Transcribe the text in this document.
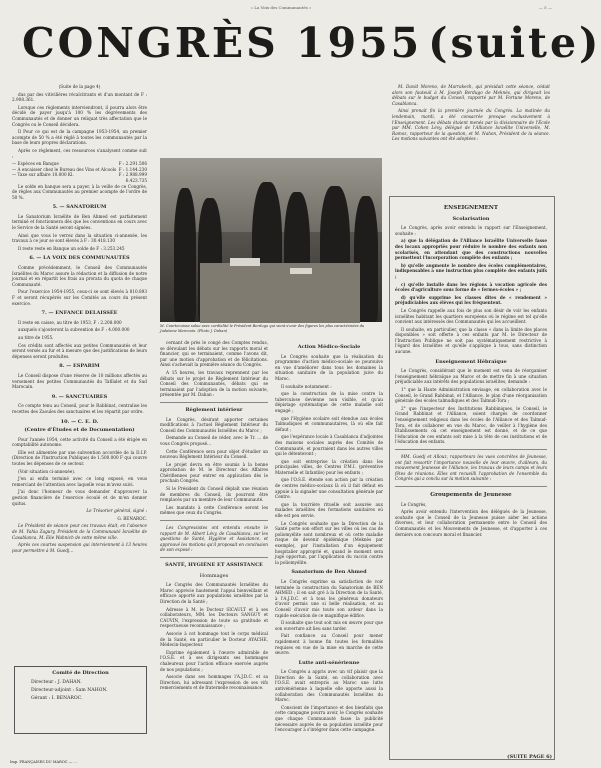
« La Voix des Communautés »	— 5 —
CONGRÈS 1955 (suite)

(Suite de la page 4)

dus par des vitivilières récalcitrants et d'un montant de F : 2.908.361.

Lorsque ces règlements interviendront, il pourra alors être décidé de payer jusqu'à 100 % les dégrèvements des Communautés et de donner un reliquat très affectation que le Congrès ou le Conseil décidera.

Il Pour ce qui est de la campagne 1953-1954, un premier acompte de 50 % a été réglé à toutes les communautés par la base de leurs propres déclarations.

Après ce règlement, ces ressources s'analysent comme suit :

— Espèces en Banque	F : 2.291.506
— A encaisser chez le Bureau des Vins et Alcools F : 1.144.230
— Taxe sur affaire 10.000 Kl.	F : 2.988.999
6.423.735

Le solde en banque sera a payer, à la veille de ce Congrès, de règles aux Communautés au premier acompte de l'ordre de 50 %.

5. — SANATORIUM

Le Sanatorium Israélite de Ben Ahmed est parfaitement terminé et fonctionnera dès que les conventions en cours avec le Service de la Santé seront signées.

Ainsi que vous le verrez dans la situation ci-annexée, les travaux à ce jour se sont élevés à F : 30.418.130

Il reste reste en Banque un solde de F : 3.253.245

6. — LA VOIX DES COMMUNAUTÉS

Comme précédemment, le Conseil des Communautés Israélites du Maroc assure la rédaction et la diffusion de notre journal et en répartit les frais au prorata du quota de chaque Communauté.

Pour l'exercice 1954-1955, ceux-ci se sont élevés à 810.893 F et seront récupérés sur les Comités au cours du présent exercice.

7. — ENFANCE DELAISSÉE

Il reste en caisse, au titre de 1953, F : 2.208.000

auxquels s'ajouteront la subvention de F : 4.000.000

au titre de 1955.

Ces crédits sont affectés aux petites Communautés et leur seront versés au fur et à mesure que des justifications de leurs dépenses seront produites.

8. — ESPARIM

Le Conseil dispose d'une réserve de 10 millions affectés au versement des petites Communautés du Tafilalet et du Sud Marocain.

9. — SANCTUAIRES

Ce compte tenu au Conseil, pour le Rabbinat, centralise les recettes des Zaouïes des sanctuaires et les répartit par ordre.

10. — C. E. D.
(Centre d'Études et de Documentation)

Pour l'année 1954, cette activité du Conseil a été érigée en comptabilité autonome.

Elle est alimentée par une subvention accordée de la D.I.P. (Direction de l'Instruction Publique) de 1.500.000 F qui couvre toutes les dépenses de ce secteur.

(Voir situation ci-annexée).

J'en ai enfin terminé avec ce long exposé, en vous remerciant de l'attention avec laquelle vous m'avez suivi.

J'ai donc l'honneur de vous demander d'approuver la gestion financière de l'exercice écoulé et de m'en donner quitus.

Le Trésorier général, signé :

G. BENAROC.

Le Président de séance pour ces travaux était, en l'absence de M. Yahia Zagury, Président de la Communauté Israélite de Casablanca, M. Elie Wahnich de cette même ville.

Après ces courtes suspension qui interviennent à 13 heures pour permettre à M. Guedj...

Comité de Direction
Directeur : J. DAHAN.
Directeur-adjoint : Sam NAHON.
Gérant : I. BENAROC.
Imp. FRANÇAISES DU MAROC — ...

M. David Moreno, de Marrakech, qui présidait cette séance, cédait alors son fauteuil à M. Joseph Berdugo de Meknès, qui dirigeait les débats sur le budget du Conseil, rapporté par M. Fortune Moreno, de Casablanca.

Ainsi prenait fin la première journée du Congrès. La matinée du lendemain, mardi, a été consacrée presque exclusivement à l'Enseignement. Les débats étaient menés par la divisionnaire de l'École par MM. Cohen Lévy, délégué de l'Alliance Israélite Universelle, M. Ramoz, rapporteur de la question, et M. Nahon, Président de la séance. Les motions suivantes ont été adoptées :

M. Courtecuisse salue avec cordialité le Président Berdugo qui vient s'unir des figures les plus caractérisées du Judaïsme Marocain. (Photo J. Dahan)

cernant de près le congé des Comptes rendus, se déroulant les débats sur les rapports moral et financier, qui se terminaient, comme l'avons dit, par une motion d'approbation et de félicitations. Ainsi s'achevait la première séance du Congrès.

A 15 heures, les travaux reprennent par les débats sur le projet de Règlement Intérieur du Conseil des Communautés, débats qui se terminaient par l'adoption de la motion suivante, présentée par M. Dahan :

Règlement intérieur

Le Congrès, désirant apporter certaines modifications à l'actuel Règlement Intérieur du Conseil des Communautés Israélites du Maroc ;

Demande au Conseil de céder, avec le Tr. ... de vous Congrès proposé...

Cette Conférence sera pour objet d'étudier un nouveau Règlement Intérieur du Conseil.

Le projet devra en être soumis à la bonne approbation de M. le Directeur des Affaires Chérifiennes pour entrer en application dès le prochain Congrès.

Si le Président du Conseil déplaît une réunion de membres du Conseil, ils pourront être remplacés par un membre de leur Communauté.

Les mandats à cette Conférence seront les mêmes que ceux du Congrès.

Les Congressistes ont entendu ensuite le rapport de M. Albert Lévy, de Casablanca, sur les questions de Santé, Hygiène et Assistance, et approuvé les motions qu'il proposait en conclusion de son exposé :

SANTÉ, HYGIÈNE ET ASSISTANCE
Hommages

Le Congrès des Communautés Israélites du Maroc apprécie hautement l'appui bienveillant et efficace apporté aux populations israélites par la Direction de la Santé ;

Adresse à M. le Docteur SICAULT et à ses collaborateurs, MM. les Docteurs SANGUY et CAUVIN, l'expression de toute sa gratitude et respectueuse reconnaissance ;

Associe à cet hommage tout le corps médical de la Santé, en particulier le Docteur AYACHE, Médecin-Inspecteur.

Exprime également à l'œuvre admirable de l'O.S.E. et à ses dirigeants ses hommages chaleureux pour l'action efficace exercée auprès de nos populations ;

Associe dans ses hommages l'A.J.D.C. et sa Direction, lui adressant l'expression de ses vifs remerciements et de fraternelle reconnaissance.

Action Médico-Sociale

Le Congrès souhaite que la réalisation du programme d'action médico-sociale se poursuive en vue d'améliorer dans tous les domaines la situation sanitaire de la population juive du Maroc.

Il souhaite notamment :

que la construction de la mise contre la tuberculose devienne non visible, et qu'au dépistage systématique de cette maladie soit engagé ;

que l'Hygiène scolaire soit étendue aux écoles Talmudiques et communautaires, là où elle fait défaut ;

que l'espérance locale à Casablanca d'adjointes des maisons sociales auprès des Comités de Communauté, et pourraient dans les autres villes qui le détenteront ;

que soit entreprise la création dans les principales villes, de Centres P.M.I. (préventive Maternelle et Infantile) pour les enfants ;

que l'O.S.E. étende son action par la création de centres médico-sociaux là où il fait défaut en appuie à la signaler une consultation générale par Centre.

que la tourrière rituelle soit assurée aux malades israélites des formations sanitaires où elle est peu servie.

Le Congrès souhaite que la Direction de la Santé porte son effort sur les villes où les cas de poliomyélite sont nombreux et où cette maladie risque de devenir épidémique (Meknès par exemple), par l'installation d'un équipement hospitalier approprié et, quand le moment sera jugé opportun, par l'application du vaccin contre la poliomyélite.

Sanatorium de Ben Ahmed

Le Congrès exprime sa satisfaction de voir terminée la construction du Sanatorium de BEN AHMED ; il en sait gré à la Direction de la Santé, à l'A.J.D.C. et à tous les généreux donateurs d'avoir permis une si belle réalisation, et au Conseil d'avoir mis toute son ardeur dans la rapide exécution de ce magnifique édifice.

Il souhaite que tout soit mis en œuvre pour que son ouverture ait lieu sans tarder.

Fait confiance au Conseil pour mener rapidement à bonne fin toutes les formalités requises en vue de la mise en marche de cette œuvre.

Lutte anti-sénérienne

Le Congrès a appris avec un vif plaisir que la Direction de la Santé, en collaboration avec l'O.S.E. avait entrepris au Maroc une lutte antivénérienne à laquelle elle apporte aussi la collaboration des Communautés Israélites du Maroc.

Conscient de l'importance et des bienfaits que cette campagne pourra avoir, le Congrès souhaite que chaque Communauté fasse la publicité nécessaire auprès de sa population israélite pour l'encourager à s'intégrer dans cette campagne.

ENSEIGNEMENT
Scolarisation

Le Congrès, après avoir entendu le rapport sur l'Enseignement, souhaite :

a) que la délégation de l'Alliance Israélite Universelle fasse des locaux appropriés pour réduire le nombre des enfants non scolarisés, en attendant que des constructions nouvelles permettent l'incorporation complète des enfants ;

b) qu'elle augmente le nombre des écoles complémentaires, indispensables à une instruction plus complète des enfants juifs ;

c) qu'elle installe dans les régions à vocation agricole des écoles d'agriculture sous forme de « fermes-écoles » ;

d) qu'elle supprime les classes dites de « rendement » préjudiciables aux élèves qui les fréquentent.

Le Congrès rappelle aux fois de plus son désir de voir les enfants israélites habitant les quartiers européens où le régime est tel qu'elle convient aux intéressés des Communautés qui les accueillent.

Il souhaite, en particulier, que la classe « dans la limite des places disponibles » soit offerte à ces enfants par M. le Directeur de l'Instruction Publique ne soit pas systématiquement restrictive à l'égard des Israélites et qu'elle s'applique à tous, sans distinction aucune.

Enseignement Hébraïque

Le Congrès, considérant que le moment est venu de réorganiser l'enseignement hébraïque au Maroc et de mettre fin à une situation préjudiciable aux intérêts des populations israélites, demande :

1° que la Haute Administration envisage, en collaboration avec le Conseil, le Grand Rabbinat, et l'Alliance, le plan d'une réorganisation générale des écoles talmudiques et des Talmud-Tora ;

2° que l'inspecteur des Institutions Rabbiniques, le Conseil, le Grand Rabbinat et l'Alliance, soient chargés de coordonner l'enseignement religieux dans les écoles de l'Alliance et des Talmud-Tora, et de collaborer en vue du Maroc, de veiller à l'hygiène des Établissements où cet enseignement est donné, et de ce que l'éducation de ces enfants soit mise à la tête de ces institutions et de l'éducation des enfants.

MM. Guedj et Allouz, rapporteurs les vues concrètes de Jeunesse, ont fait ressortir l'importance nouvelle de leur œuvre, d'ailleurs, du mouvement Jeunesse de l'Alliance, les travaux de leurs camps et leurs fêtes de réunions. Elles ont recueilli l'approbation de l'ensemble du Congrès qui a conclu sur la motion suivante :

Groupements de Jeunesse

Le Congrès,

Après avoir entendu l'intervention des délégués de la Jeunesse, souhaite que le Conseil de la Jeunesse puisse aider les actions diverses, et leur collaboration permanente entre le Conseil des Communautés et les Mouvements de Jeunesse, et d'apporter à ces derniers son concours moral et financier.

(SUITE PAGE 6)
